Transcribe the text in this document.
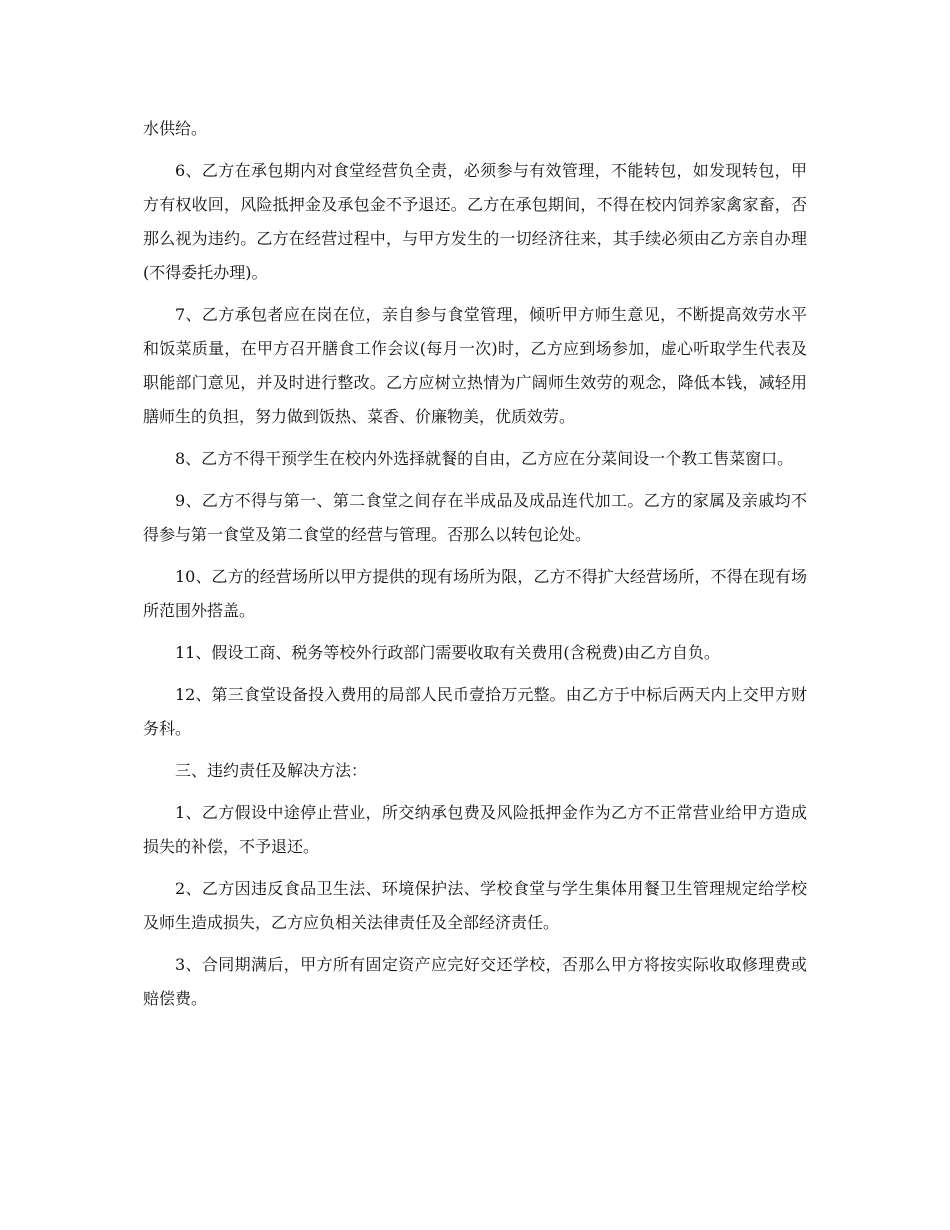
水供给。

6、乙方在承包期内对食堂经营负全责，必须参与有效管理，不能转包，如发现转包，甲方有权收回，风险抵押金及承包金不予退还。乙方在承包期间，不得在校内饲养家禽家畜，否那么视为违约。乙方在经营过程中，与甲方发生的一切经济往来，其手续必须由乙方亲自办理(不得委托办理)。

7、乙方承包者应在岗在位，亲自参与食堂管理，倾听甲方师生意见，不断提高效劳水平和饭菜质量，在甲方召开膳食工作会议(每月一次)时，乙方应到场参加，虚心听取学生代表及职能部门意见，并及时进行整改。乙方应树立热情为广阔师生效劳的观念，降低本钱，减轻用膳师生的负担，努力做到饭热、菜香、价廉物美，优质效劳。

8、乙方不得干预学生在校内外选择就餐的自由，乙方应在分菜间设一个教工售菜窗口。

9、乙方不得与第一、第二食堂之间存在半成品及成品连代加工。乙方的家属及亲戚均不得参与第一食堂及第二食堂的经营与管理。否那么以转包论处。

10、乙方的经营场所以甲方提供的现有场所为限，乙方不得扩大经营场所，不得在现有场所范围外搭盖。

11、假设工商、税务等校外行政部门需要收取有关费用(含税费)由乙方自负。

12、第三食堂设备投入费用的局部人民币壹拾万元整。由乙方于中标后两天内上交甲方财务科。

三、违约责任及解决方法：

1、乙方假设中途停止营业，所交纳承包费及风险抵押金作为乙方不正常营业给甲方造成损失的补偿，不予退还。

2、乙方因违反食品卫生法、环境保护法、学校食堂与学生集体用餐卫生管理规定给学校及师生造成损失，乙方应负相关法律责任及全部经济责任。

3、合同期满后，甲方所有固定资产应完好交还学校，否那么甲方将按实际收取修理费或赔偿费。
